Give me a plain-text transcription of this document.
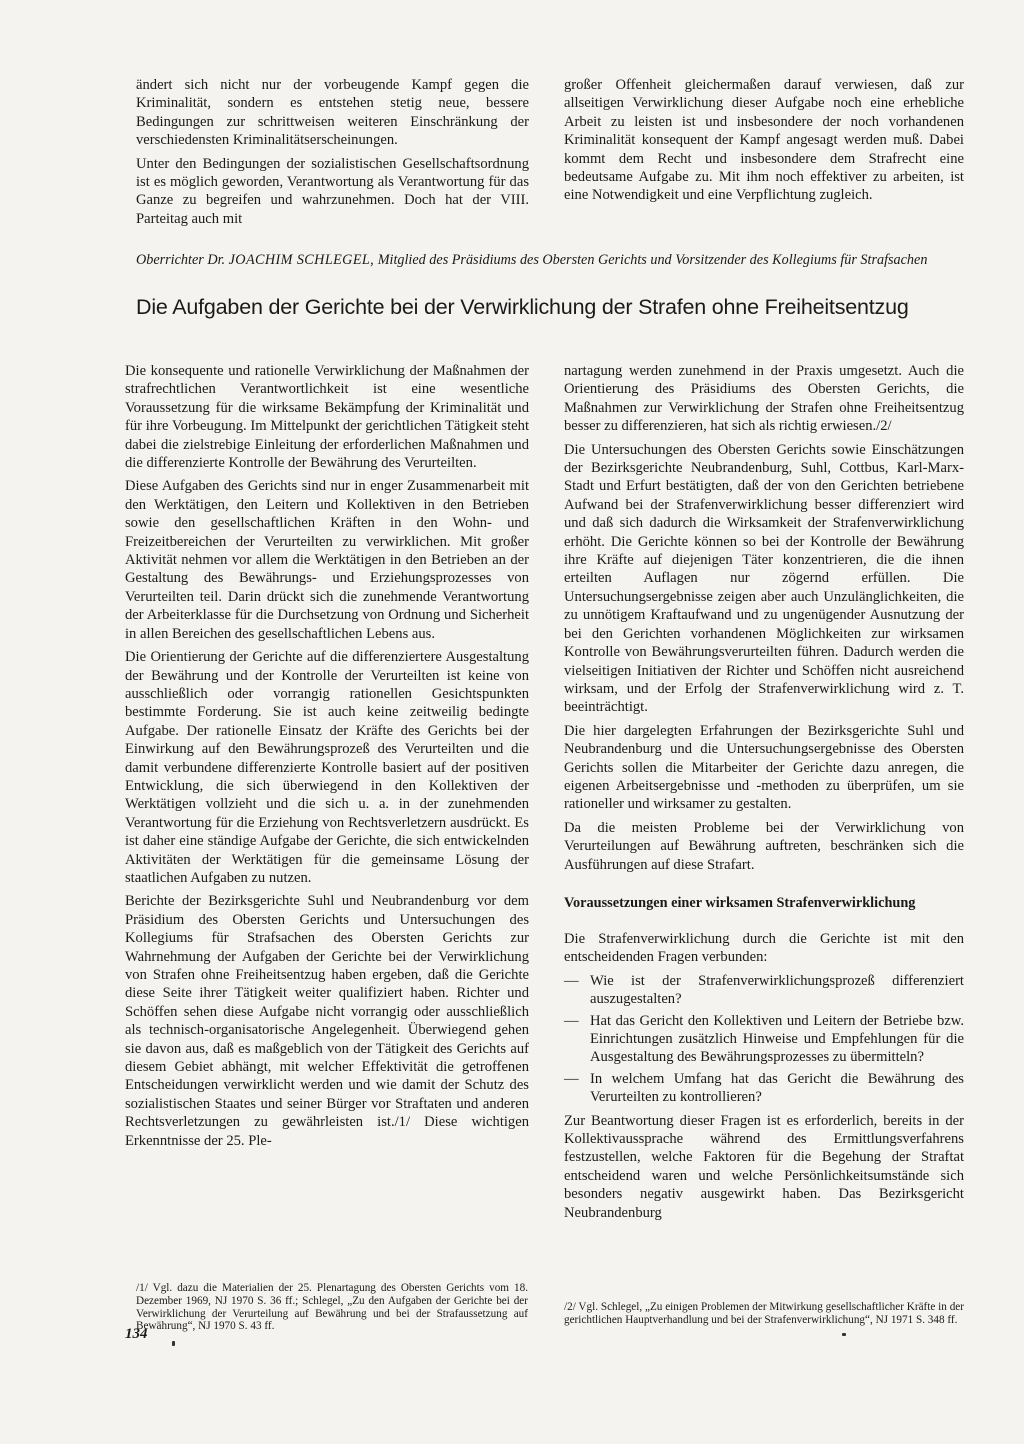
ändert sich nicht nur der vorbeugende Kampf gegen die Kriminalität, sondern es entstehen stetig neue, bessere Bedingungen zur schrittweisen weiteren Einschränkung der verschiedensten Kriminalitätserscheinungen.

Unter den Bedingungen der sozialistischen Gesellschaftsordnung ist es möglich geworden, Verantwortung als Verantwortung für das Ganze zu begreifen und wahrzunehmen. Doch hat der VIII. Parteitag auch mit

großer Offenheit gleichermaßen darauf verwiesen, daß zur allseitigen Verwirklichung dieser Aufgabe noch eine erhebliche Arbeit zu leisten ist und insbesondere der noch vorhandenen Kriminalität konsequent der Kampf angesagt werden muß. Dabei kommt dem Recht und insbesondere dem Strafrecht eine bedeutsame Aufgabe zu. Mit ihm noch effektiver zu arbeiten, ist eine Notwendigkeit und eine Verpflichtung zugleich.

Oberrichter Dr. JOACHIM SCHLEGEL, Mitglied des Präsidiums des Obersten Gerichts und Vorsitzender des Kollegiums für Strafsachen
Die Aufgaben der Gerichte bei der Verwirklichung der Strafen ohne Freiheitsentzug

Die konsequente und rationelle Verwirklichung der Maßnahmen der strafrechtlichen Verantwortlichkeit ist eine wesentliche Voraussetzung für die wirksame Bekämpfung der Kriminalität und für ihre Vorbeugung. Im Mittelpunkt der gerichtlichen Tätigkeit steht dabei die zielstrebige Einleitung der erforderlichen Maßnahmen und die differenzierte Kontrolle der Bewährung des Verurteilten.

Diese Aufgaben des Gerichts sind nur in enger Zusammenarbeit mit den Werktätigen, den Leitern und Kollektiven in den Betrieben sowie den gesellschaftlichen Kräften in den Wohn- und Freizeitbereichen der Verurteilten zu verwirklichen. Mit großer Aktivität nehmen vor allem die Werktätigen in den Betrieben an der Gestaltung des Bewährungs- und Erziehungsprozesses von Verurteilten teil. Darin drückt sich die zunehmende Verantwortung der Arbeiterklasse für die Durchsetzung von Ordnung und Sicherheit in allen Bereichen des gesellschaftlichen Lebens aus.

Die Orientierung der Gerichte auf die differenziertere Ausgestaltung der Bewährung und der Kontrolle der Verurteilten ist keine von ausschließlich oder vorrangig rationellen Gesichtspunkten bestimmte Forderung. Sie ist auch keine zeitweilig bedingte Aufgabe. Der rationelle Einsatz der Kräfte des Gerichts bei der Einwirkung auf den Bewährungsprozeß des Verurteilten und die damit verbundene differenzierte Kontrolle basiert auf der positiven Entwicklung, die sich überwiegend in den Kollektiven der Werktätigen vollzieht und die sich u. a. in der zunehmenden Verantwortung für die Erziehung von Rechtsverletzern ausdrückt. Es ist daher eine ständige Aufgabe der Gerichte, die sich entwickelnden Aktivitäten der Werktätigen für die gemeinsame Lösung der staatlichen Aufgaben zu nutzen.

Berichte der Bezirksgerichte Suhl und Neubrandenburg vor dem Präsidium des Obersten Gerichts und Untersuchungen des Kollegiums für Strafsachen des Obersten Gerichts zur Wahrnehmung der Aufgaben der Gerichte bei der Verwirklichung von Strafen ohne Freiheitsentzug haben ergeben, daß die Gerichte diese Seite ihrer Tätigkeit weiter qualifiziert haben. Richter und Schöffen sehen diese Aufgabe nicht vorrangig oder ausschließlich als technisch-organisatorische Angelegenheit. Überwiegend gehen sie davon aus, daß es maßgeblich von der Tätigkeit des Gerichts auf diesem Gebiet abhängt, mit welcher Effektivität die getroffenen Entscheidungen verwirklicht werden und wie damit der Schutz des sozialistischen Staates und seiner Bürger vor Straftaten und anderen Rechtsverletzungen zu gewährleisten ist./1/ Diese wichtigen Erkenntnisse der 25. Ple-

nartagung werden zunehmend in der Praxis umgesetzt. Auch die Orientierung des Präsidiums des Obersten Gerichts, die Maßnahmen zur Verwirklichung der Strafen ohne Freiheitsentzug besser zu differenzieren, hat sich als richtig erwiesen./2/

Die Untersuchungen des Obersten Gerichts sowie Einschätzungen der Bezirksgerichte Neubrandenburg, Suhl, Cottbus, Karl-Marx-Stadt und Erfurt bestätigten, daß der von den Gerichten betriebene Aufwand bei der Strafenverwirklichung besser differenziert wird und daß sich dadurch die Wirksamkeit der Strafenverwirklichung erhöht. Die Gerichte können so bei der Kontrolle der Bewährung ihre Kräfte auf diejenigen Täter konzentrieren, die die ihnen erteilten Auflagen nur zögernd erfüllen. Die Untersuchungsergebnisse zeigen aber auch Unzulänglichkeiten, die zu unnötigem Kraftaufwand und zu ungenügender Ausnutzung der bei den Gerichten vorhandenen Möglichkeiten zur wirksamen Kontrolle von Bewährungsverurteilten führen. Dadurch werden die vielseitigen Initiativen der Richter und Schöffen nicht ausreichend wirksam, und der Erfolg der Strafenverwirklichung wird z. T. beeinträchtigt.

Die hier dargelegten Erfahrungen der Bezirksgerichte Suhl und Neubrandenburg und die Untersuchungsergebnisse des Obersten Gerichts sollen die Mitarbeiter der Gerichte dazu anregen, die eigenen Arbeitsergebnisse und -methoden zu überprüfen, um sie rationeller und wirksamer zu gestalten.

Da die meisten Probleme bei der Verwirklichung von Verurteilungen auf Bewährung auftreten, beschränken sich die Ausführungen auf diese Strafart.

Voraussetzungen einer wirksamen Strafenverwirklichung

Die Strafenverwirklichung durch die Gerichte ist mit den entscheidenden Fragen verbunden:

— Wie ist der Strafenverwirklichungsprozeß differenziert auszugestalten?
— Hat das Gericht den Kollektiven und Leitern der Betriebe bzw. Einrichtungen zusätzlich Hinweise und Empfehlungen für die Ausgestaltung des Bewährungsprozesses zu übermitteln?
— In welchem Umfang hat das Gericht die Bewährung des Verurteilten zu kontrollieren?

Zur Beantwortung dieser Fragen ist es erforderlich, bereits in der Kollektivaussprache während des Ermittlungsverfahrens festzustellen, welche Faktoren für die Begehung der Straftat entscheidend waren und welche Persönlichkeitsumstände sich besonders negativ ausgewirkt haben. Das Bezirksgericht Neubrandenburg

/1/ Vgl. dazu die Materialien der 25. Plenartagung des Obersten Gerichts vom 18. Dezember 1969, NJ 1970 S. 36 ff.; Schlegel, „Zu den Aufgaben der Gerichte bei der Verwirklichung der Verurteilung auf Bewährung und bei der Strafaussetzung auf Bewährung“, NJ 1970 S. 43 ff.
/2/ Vgl. Schlegel, „Zu einigen Problemen der Mitwirkung gesellschaftlicher Kräfte in der gerichtlichen Hauptverhandlung und bei der Strafenverwirklichung“, NJ 1971 S. 348 ff.
134
